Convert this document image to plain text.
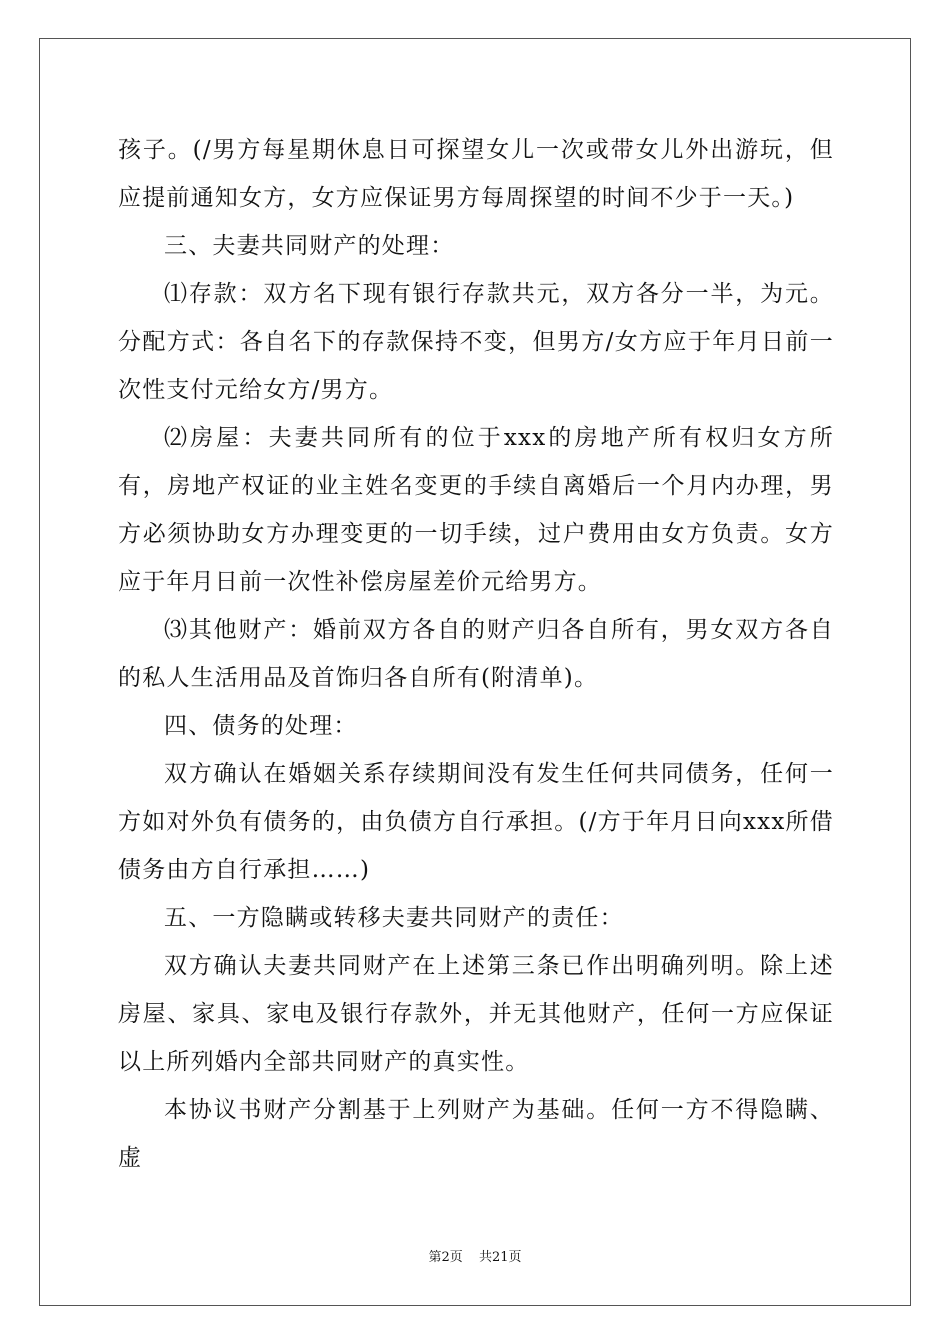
孩子。(/男方每星期休息日可探望女儿一次或带女儿外出游玩，但应提前通知女方，女方应保证男方每周探望的时间不少于一天。)

三、夫妻共同财产的处理：

⑴存款：双方名下现有银行存款共元，双方各分一半，为元。分配方式：各自名下的存款保持不变，但男方/女方应于年月日前一次性支付元给女方/男方。

⑵房屋：夫妻共同所有的位于xxx的房地产所有权归女方所有，房地产权证的业主姓名变更的手续自离婚后一个月内办理，男方必须协助女方办理变更的一切手续，过户费用由女方负责。女方应于年月日前一次性补偿房屋差价元给男方。

⑶其他财产：婚前双方各自的财产归各自所有，男女双方各自的私人生活用品及首饰归各自所有(附清单)。

四、债务的处理：

双方确认在婚姻关系存续期间没有发生任何共同债务，任何一方如对外负有债务的，由负债方自行承担。(/方于年月日向xxx所借债务由方自行承担……)

五、一方隐瞒或转移夫妻共同财产的责任：

双方确认夫妻共同财产在上述第三条已作出明确列明。除上述房屋、家具、家电及银行存款外，并无其他财产，任何一方应保证以上所列婚内全部共同财产的真实性。

本协议书财产分割基于上列财产为基础。任何一方不得隐瞒、虚

第2页 共21页
